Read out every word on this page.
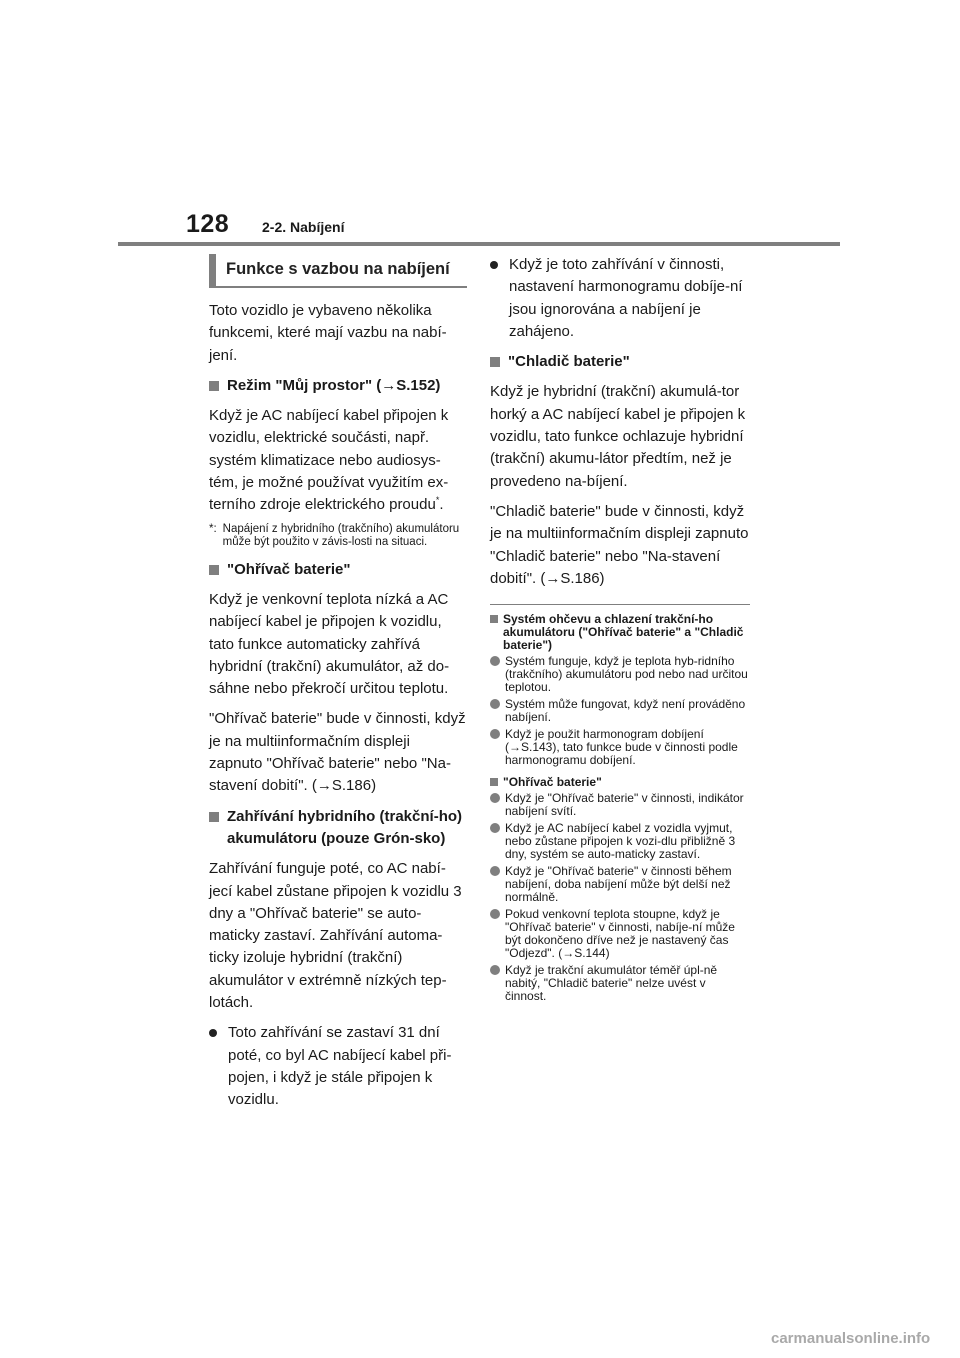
128 2-2. Nabíjení
Funkce s vazbou na nabíjení

Toto vozidlo je vybaveno několika funkcemi, které mají vazbu na nabí-jení.

Režim "Můj prostor" (→S.152)

Když je AC nabíjecí kabel připojen k vozidlu, elektrické součásti, např. systém klimatizace nebo audiosys-tém, je možné používat využitím ex-terního zdroje elektrického proudu*.

*: Napájení z hybridního (trakčního) akumulátoru může být použito v závis-losti na situaci.
"Ohřívač baterie"

Když je venkovní teplota nízká a AC nabíjecí kabel je připojen k vozidlu, tato funkce automaticky zahřívá hybridní (trakční) akumulátor, až do-sáhne nebo překročí určitou teplotu.

"Ohřívač baterie" bude v činnosti, když je na multiinformačním displeji zapnuto "Ohřívač baterie" nebo "Na-stavení dobití". (→S.186)

Zahřívání hybridního (trakční-ho) akumulátoru (pouze Grón-sko)

Zahřívání funguje poté, co AC nabí-jecí kabel zůstane připojen k vozidlu 3 dny a "Ohřívač baterie" se auto-maticky zastaví. Zahřívání automa-ticky izoluje hybridní (trakční) akumulátor v extrémně nízkých tep-lotách.

Toto zahřívání se zastaví 31 dní poté, co byl AC nabíjecí kabel při-pojen, i když je stále připojen k vozidlu.
Když je toto zahřívání v činnosti, nastavení harmonogramu dobíje-ní jsou ignorována a nabíjení je zahájeno.
"Chladič baterie"

Když je hybridní (trakční) akumulá-tor horký a AC nabíjecí kabel je připojen k vozidlu, tato funkce ochlazuje hybridní (trakční) akumu-látor předtím, než je provedeno na-bíjení.

"Chladič baterie" bude v činnosti, když je na multiinformačním displeji zapnuto "Chladič baterie" nebo "Na-stavení dobití". (→S.186)

Systém ohčevu a chlazení trakční-ho akumulátoru ("Ohřívač baterie" a "Chladič baterie")
Systém funguje, když je teplota hyb-ridního (trakčního) akumulátoru pod nebo nad určitou teplotou.
Systém může fungovat, když není prováděno nabíjení.
Když je použit harmonogram dobíjení (→S.143), tato funkce bude v činnosti podle harmonogramu dobíjení.
"Ohřívač baterie"
Když je "Ohřívač baterie" v činnosti, indikátor nabíjení svítí.
Když je AC nabíjecí kabel z vozidla vyjmut, nebo zůstane připojen k vozi-dlu přibližně 3 dny, systém se auto-maticky zastaví.
Když je "Ohřívač baterie" v činnosti během nabíjení, doba nabíjení může být delší než normálně.
Pokud venkovní teplota stoupne, když je "Ohřívač baterie" v činnosti, nabíje-ní může být dokončeno dříve než je nastavený čas "Odjezd". (→S.144)
Když je trakční akumulátor téměř úpl-ně nabitý, "Chladič baterie" nelze uvést v činnost.
carmanualsonline.info
